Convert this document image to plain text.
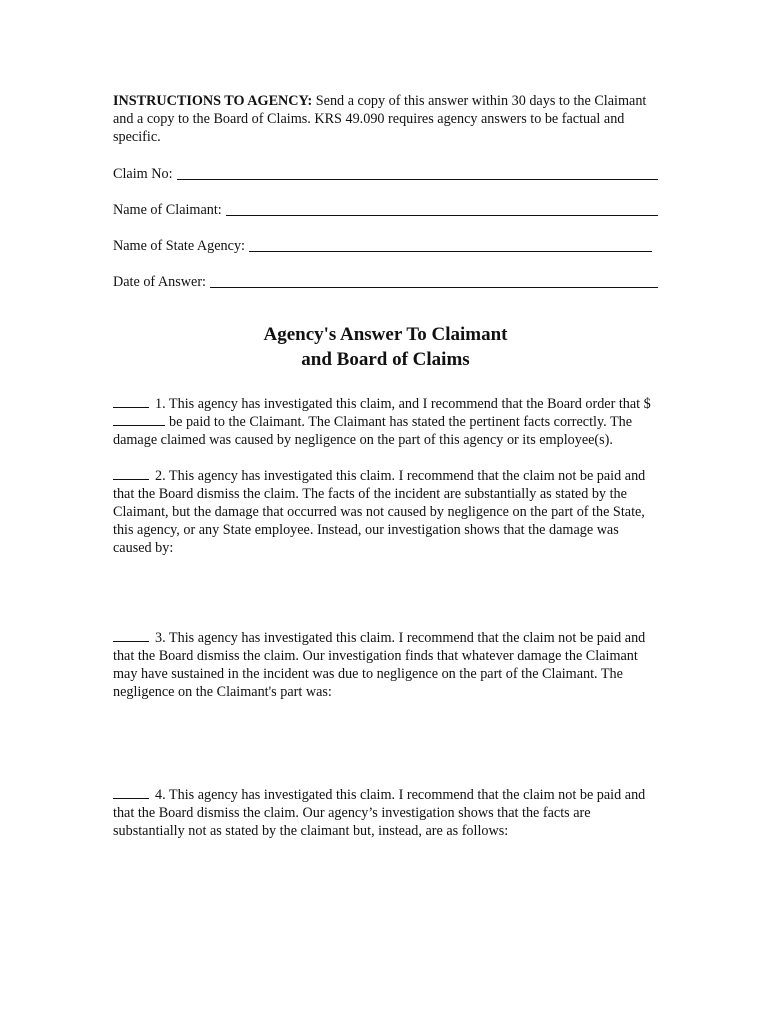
INSTRUCTIONS TO AGENCY: Send a copy of this answer within 30 days to the Claimant and a copy to the Board of Claims. KRS 49.090 requires agency answers to be factual and specific.

Claim No:
Name of Claimant:
Name of State Agency:
Date of Answer:
Agency's Answer To Claimant
and Board of Claims

1. This agency has investigated this claim, and I recommend that the Board order that $be paid to the Claimant. The Claimant has stated the pertinent facts correctly. The damage claimed was caused by negligence on the part of this agency or its employee(s).

2. This agency has investigated this claim. I recommend that the claim not be paid and that the Board dismiss the claim. The facts of the incident are substantially as stated by the Claimant, but the damage that occurred was not caused by negligence on the part of the State, this agency, or any State employee. Instead, our investigation shows that the damage was caused by:

3. This agency has investigated this claim. I recommend that the claim not be paid and that the Board dismiss the claim. Our investigation finds that whatever damage the Claimant may have sustained in the incident was due to negligence on the part of the Claimant. The negligence on the Claimant's part was:

4. This agency has investigated this claim. I recommend that the claim not be paid and that the Board dismiss the claim. Our agency’s investigation shows that the facts are substantially not as stated by the claimant but, instead, are as follows:
